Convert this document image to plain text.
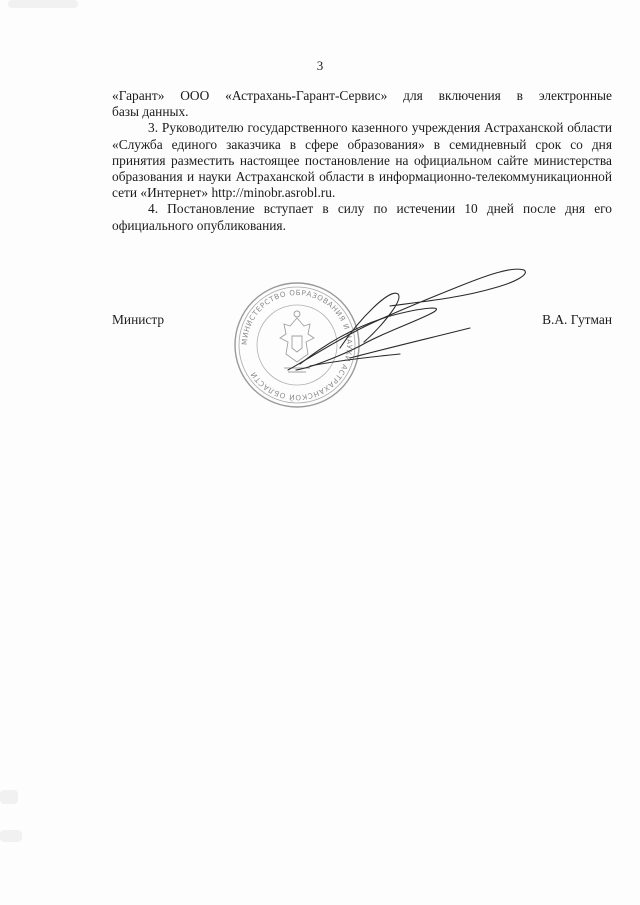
3

«Гарант» ООО «Астрахань-Гарант-Сервис» для включения в электронные

базы данных.

3. Руководителю государственного казенного учреждения Астраханской области «Служба единого заказчика в сфере образования» в семидневный срок со дня принятия разместить настоящее постановление на официальном сайте министерства образования и науки Астраханской области в информационно-телекоммуникационной сети «Интернет» http://minobr.asrobl.ru.

4. Постановление вступает в силу по истечении 10 дней после дня его официального опубликования.

МИНИСТЕРСТВО ОБРАЗОВАНИЯ И НАУКИ АСТРАХАНСКОЙ ОБЛАСТИ
Министр	В.А. Гутман
